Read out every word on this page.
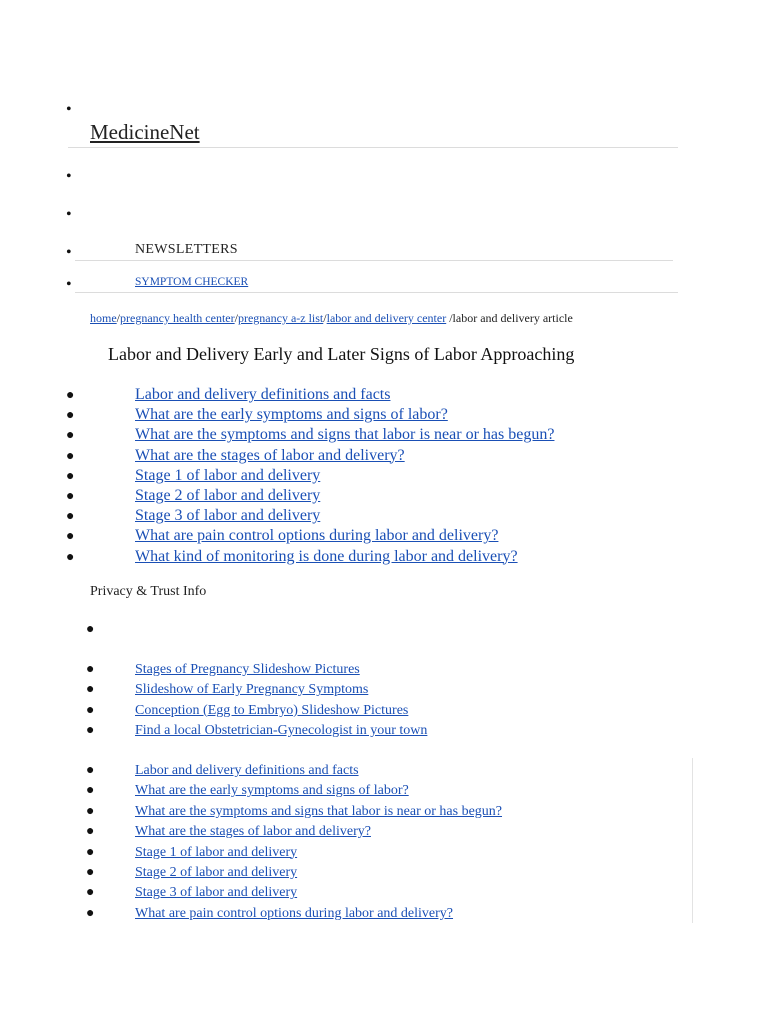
•
MedicineNet
•
•
•	NEWSLETTERS
•	SYMPTOM CHECKER
home/pregnancy health center/pregnancy a-z list/labor and delivery center /labor and delivery article
Labor and Delivery Early and Later Signs of Labor Approaching
●	Labor and delivery definitions and facts
●	What are the early symptoms and signs of labor?
●	What are the symptoms and signs that labor is near or has begun?
●	What are the stages of labor and delivery?
●	Stage 1 of labor and delivery
●	Stage 2 of labor and delivery
●	Stage 3 of labor and delivery
●	What are pain control options during labor and delivery?
●	What kind of monitoring is done during labor and delivery?
Privacy & Trust Info
●
●	Stages of Pregnancy Slideshow Pictures
●	Slideshow of Early Pregnancy Symptoms
●	Conception (Egg to Embryo) Slideshow Pictures
●	Find a local Obstetrician-Gynecologist in your town
●	Labor and delivery definitions and facts
●	What are the early symptoms and signs of labor?
●	What are the symptoms and signs that labor is near or has begun?
●	What are the stages of labor and delivery?
●	Stage 1 of labor and delivery
●	Stage 2 of labor and delivery
●	Stage 3 of labor and delivery
●	What are pain control options during labor and delivery?
